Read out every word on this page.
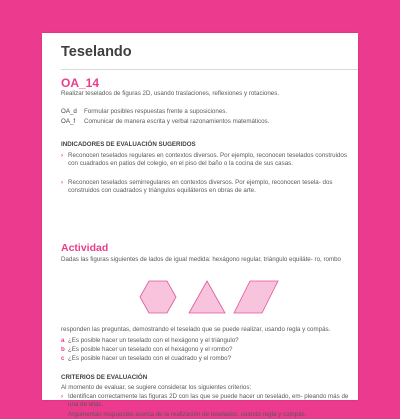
Teselando
OA_14
Realizar teselados de figuras 2D, usando traslaciones, reflexiones y rotaciones.
OA_d	Formular posibles respuestas frente a suposiciones.
OA_f	Comunicar de manera escrita y verbal razonamientos matemáticos.
INDICADORES DE EVALUACIÓN SUGERIDOS
› Reconocen teselados regulares en contextos diversos. Por ejemplo, reconocen teselados construidos con cuadrados en patios del colegio, en el piso del baño o la cocina de sus casas.
› Reconocen teselados semirregulares en contextos diversos. Por ejemplo, reconocen tesela- dos construidos con cuadrados y triángulos equiláteros en obras de arte.
Actividad
Dadas las figuras siguientes de lados de igual medida: hexágono regular, triángulo equiláte- ro, rombo
responden las preguntas, demostrando el teselado que se puede realizar, usando regla y compás.
a ¿Es posible hacer un teselado con el hexágono y el triángulo?
b ¿Es posible hacer un teselado con el hexágono y el rombo?
c ¿Es posible hacer un teselado con el cuadrado y el rombo?
CRITERIOS DE EVALUACIÓN
Al momento de evaluar, se sugiere considerar los siguientes criterios:
› Identifican correctamente las figuras 2D con las que se puede hacer un teselado, em- pleando más de una de ellas.
› Argumentan respuestas acerca de la realización de teselados, usando regla y compás.
